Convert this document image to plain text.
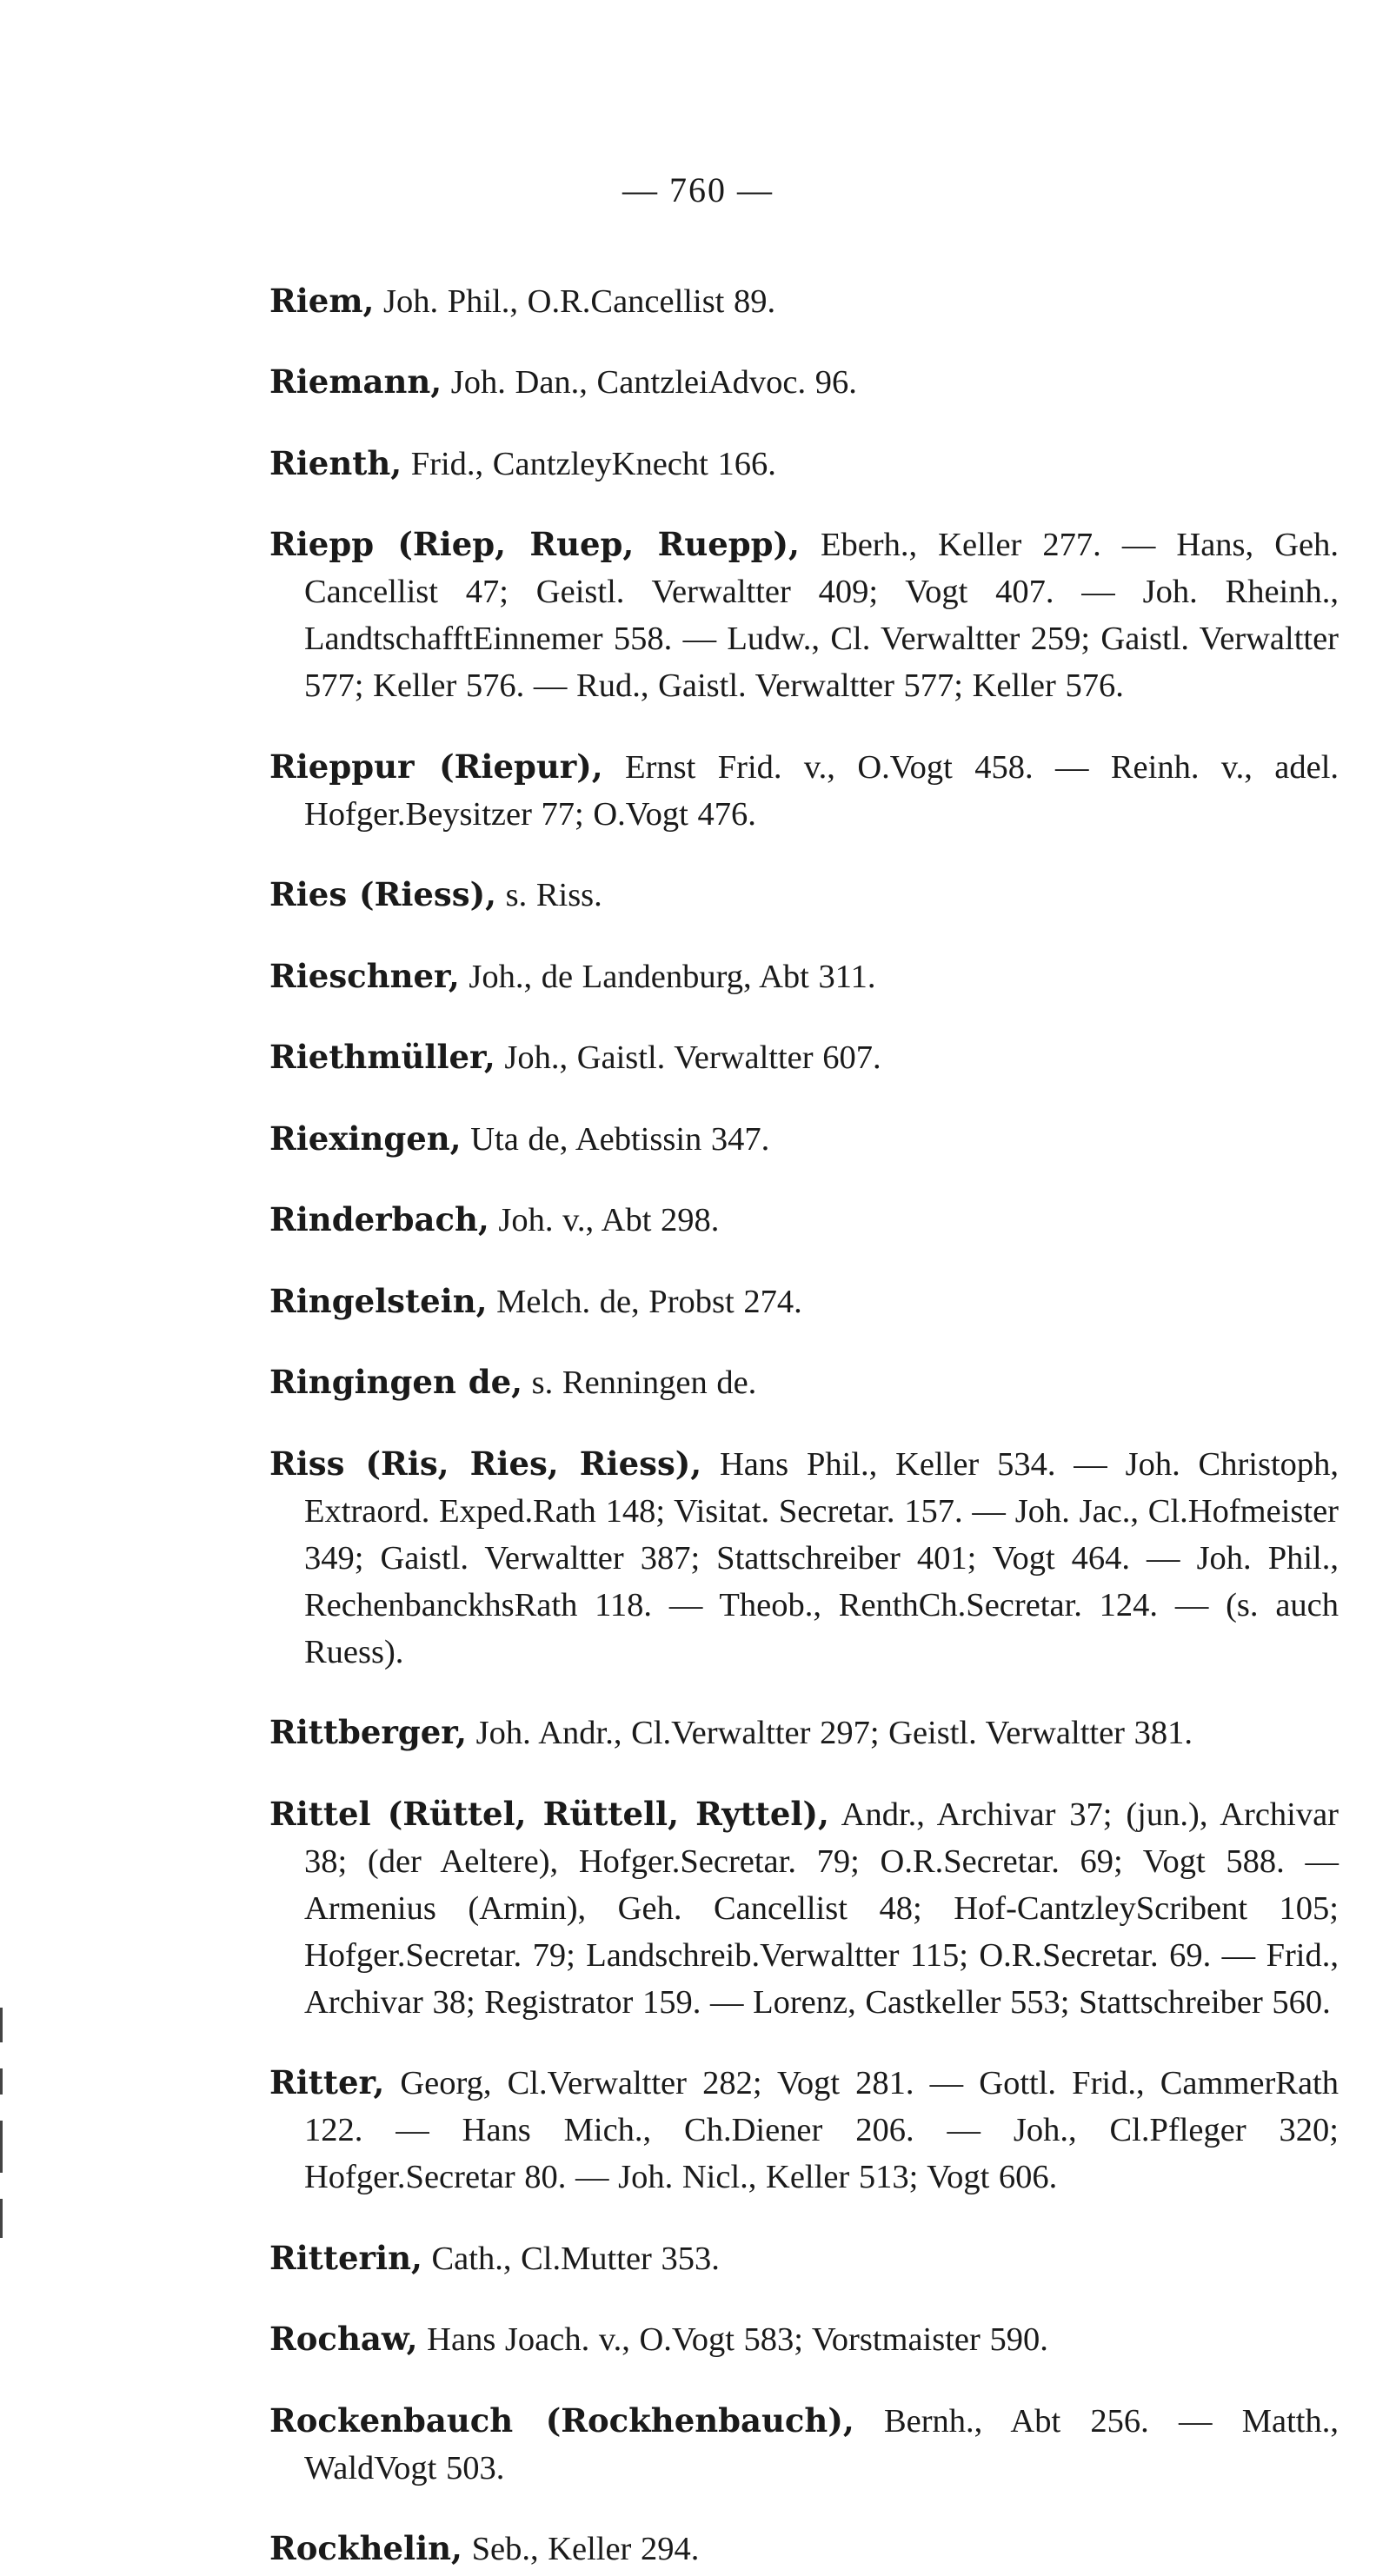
— 760 —

Riem, Joh. Phil., O.R.Cancellist 89.

Riemann, Joh. Dan., CantzleiAdvoc. 96.

Rienth, Frid., CantzleyKnecht 166.

Riepp (Riep, Ruep, Ruepp), Eberh., Keller 277. — Hans, Geh. Cancellist 47; Geistl. Verwaltter 409; Vogt 407. — Joh. Rheinh., LandtschafftEinnemer 558. — Ludw., Cl. Verwaltter 259; Gaistl. Verwaltter 577; Keller 576. — Rud., Gaistl. Verwaltter 577; Keller 576.

Rieppur (Riepur), Ernst Frid. v., O.Vogt 458. — Reinh. v., adel. Hofger.Beysitzer 77; O.Vogt 476.

Ries (Riess), s. Riss.

Rieschner, Joh., de Landenburg, Abt 311.

Riethmüller, Joh., Gaistl. Verwaltter 607.

Riexingen, Uta de, Aebtissin 347.

Rinderbach, Joh. v., Abt 298.

Ringelstein, Melch. de, Probst 274.

Ringingen de, s. Renningen de.

Riss (Ris, Ries, Riess), Hans Phil., Keller 534. — Joh. Christoph, Extraord. Exped.Rath 148; Visitat. Secretar. 157. — Joh. Jac., Cl.Hofmeister 349; Gaistl. Verwaltter 387; Stattschreiber 401; Vogt 464. — Joh. Phil., RechenbanckhsRath 118. — Theob., RenthCh.Secretar. 124. — (s. auch Ruess).

Rittberger, Joh. Andr., Cl.Verwaltter 297; Geistl. Verwaltter 381.

Rittel (Rüttel, Rüttell, Ryttel), Andr., Archivar 37; (jun.), Archivar 38; (der Aeltere), Hofger.Secretar. 79; O.R.Secretar. 69; Vogt 588. — Armenius (Armin), Geh. Cancellist 48; Hof-CantzleyScribent 105; Hofger.Secretar. 79; Landschreib.Verwaltter 115; O.R.Secretar. 69. — Frid., Archivar 38; Registrator 159. — Lorenz, Castkeller 553; Stattschreiber 560.

Ritter, Georg, Cl.Verwaltter 282; Vogt 281. — Gottl. Frid., CammerRath 122. — Hans Mich., Ch.Diener 206. — Joh., Cl.Pfleger 320; Hofger.Secretar 80. — Joh. Nicl., Keller 513; Vogt 606.

Ritterin, Cath., Cl.Mutter 353.

Rochaw, Hans Joach. v., O.Vogt 583; Vorstmaister 590.

Rockenbauch (Rockhenbauch), Bernh., Abt 256. — Matth., WaldVogt 503.

Rockhelin, Seb., Keller 294.
